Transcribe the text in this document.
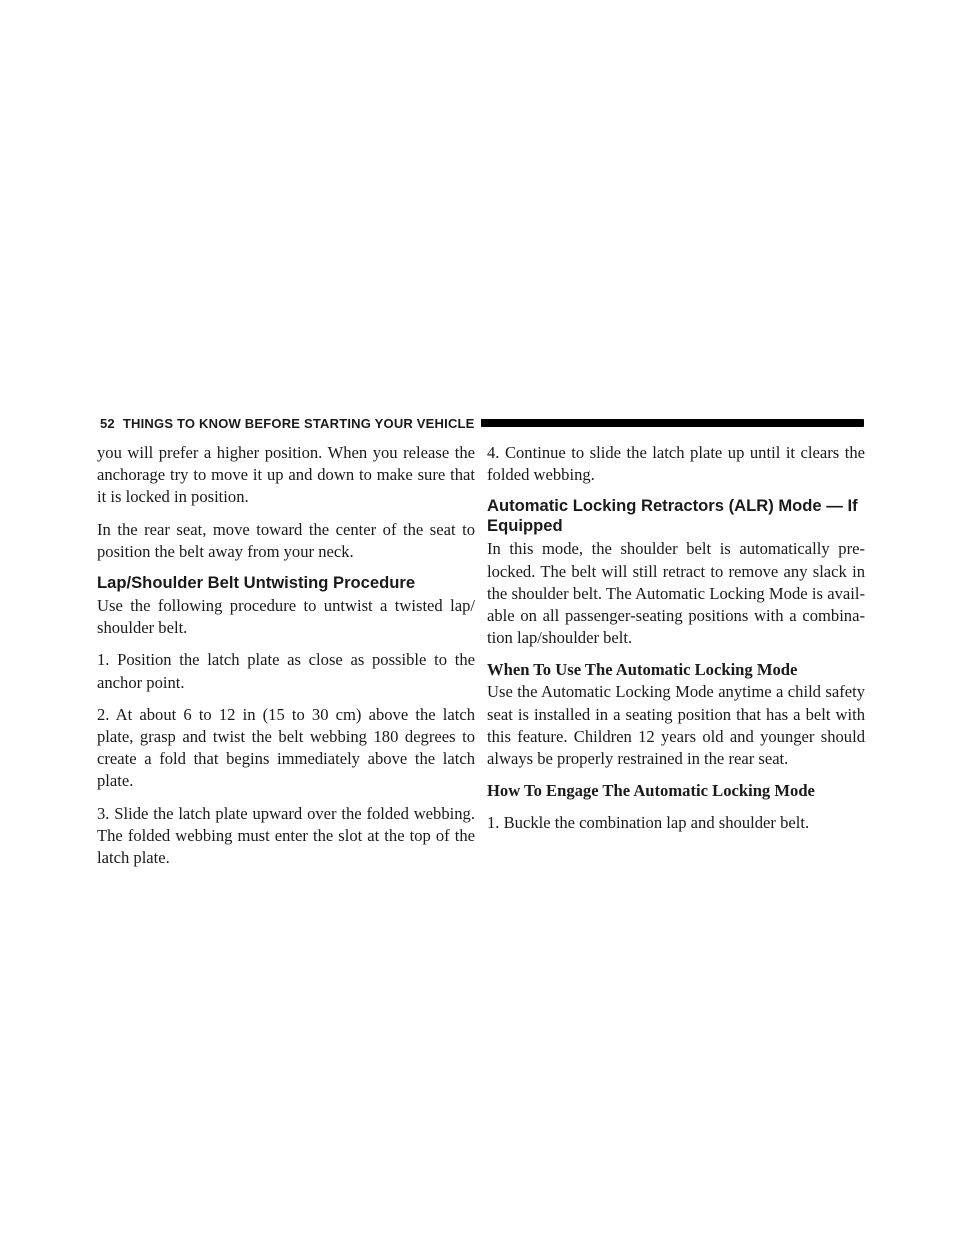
52 THINGS TO KNOW BEFORE STARTING YOUR VEHICLE

you will prefer a higher position. When you release the anchorage try to move it up and down to make sure that it is locked in position.

In the rear seat, move toward the center of the seat to position the belt away from your neck.

Lap/Shoulder Belt Untwisting Procedure

Use the following procedure to untwist a twisted lap/ shoulder belt.

1. Position the latch plate as close as possible to the anchor point.

2. At about 6 to 12 in (15 to 30 cm) above the latch plate, grasp and twist the belt webbing 180 degrees to create a fold that begins immediately above the latch plate.

3. Slide the latch plate upward over the folded webbing. The folded webbing must enter the slot at the top of the latch plate.

4. Continue to slide the latch plate up until it clears the folded webbing.

Automatic Locking Retractors (ALR) Mode — If Equipped

In this mode, the shoulder belt is automatically pre-locked. The belt will still retract to remove any slack in the shoulder belt. The Automatic Locking Mode is avail-able on all passenger-seating positions with a combina-tion lap/shoulder belt.

When To Use The Automatic Locking Mode

Use the Automatic Locking Mode anytime a child safety seat is installed in a seating position that has a belt with this feature. Children 12 years old and younger should always be properly restrained in the rear seat.

How To Engage The Automatic Locking Mode

1. Buckle the combination lap and shoulder belt.
